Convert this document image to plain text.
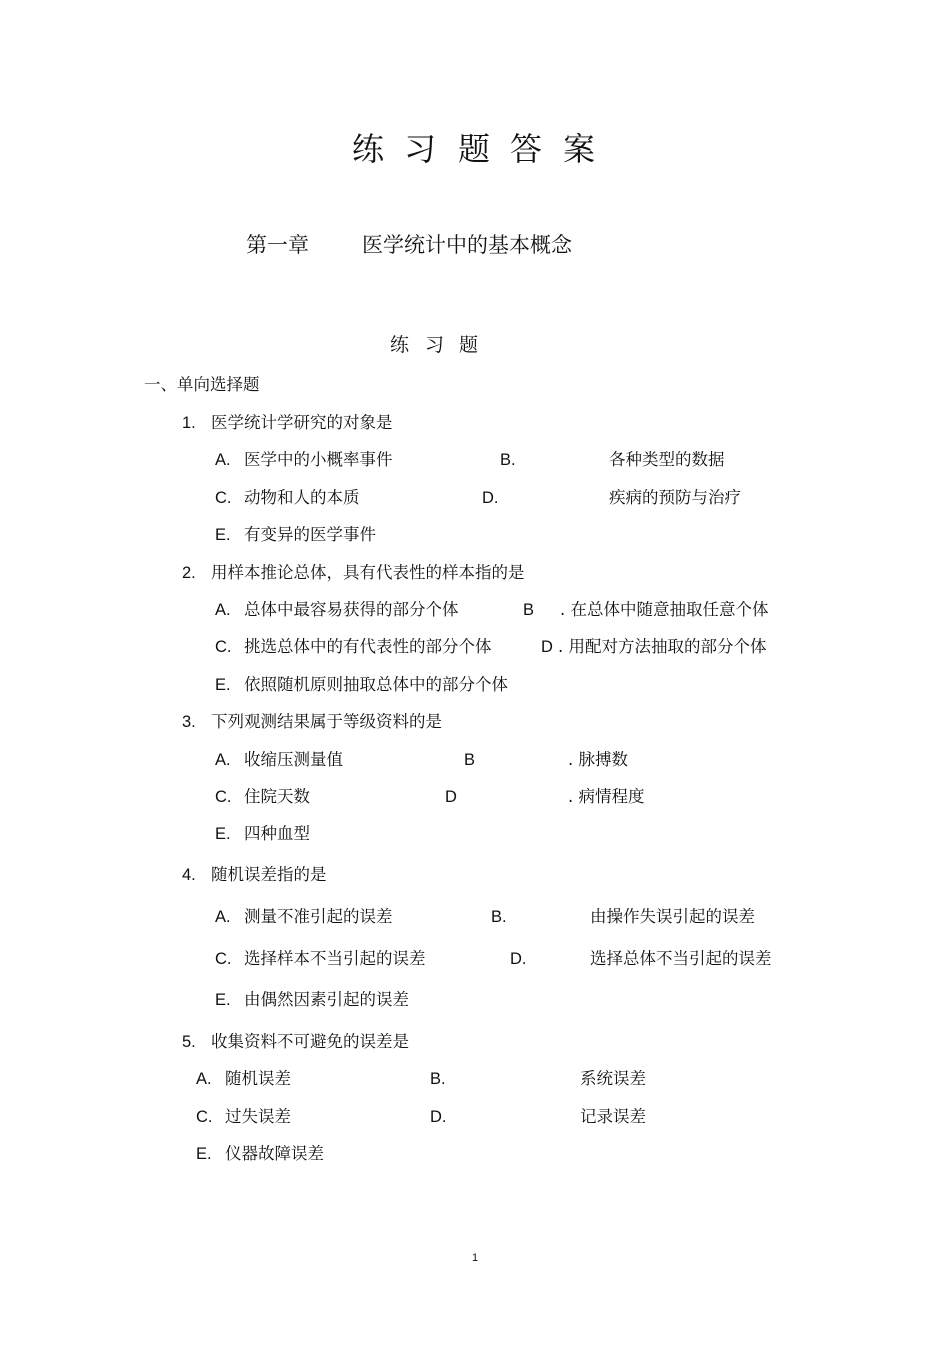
练 习 题 答 案
第一章	医学统计中的基本概念
练 习 题
一、单向选择题
1. 医学统计学研究的对象是
A. 医学中的小概率事件	B.	各种类型的数据
C. 动物和人的本质	D.	疾病的预防与治疗
E. 有变异的医学事件
2. 用样本推论总体，具有代表性的样本指的是
A. 总体中最容易获得的部分个体	B . 在总体中随意抽取任意个体
C. 挑选总体中的有代表性的部分个体	D . 用配对方法抽取的部分个体
E. 依照随机原则抽取总体中的部分个体
3. 下列观测结果属于等级资料的是
A. 收缩压测量值	B	. 脉搏数
C. 住院天数	D	. 病情程度
E. 四种血型
4. 随机误差指的是
A. 测量不准引起的误差	B.	由操作失误引起的误差
C. 选择样本不当引起的误差	D.	选择总体不当引起的误差
E. 由偶然因素引起的误差
5. 收集资料不可避免的误差是
A. 随机误差	B.	系统误差
C. 过失误差	D.	记录误差
E. 仪器故障误差
1
